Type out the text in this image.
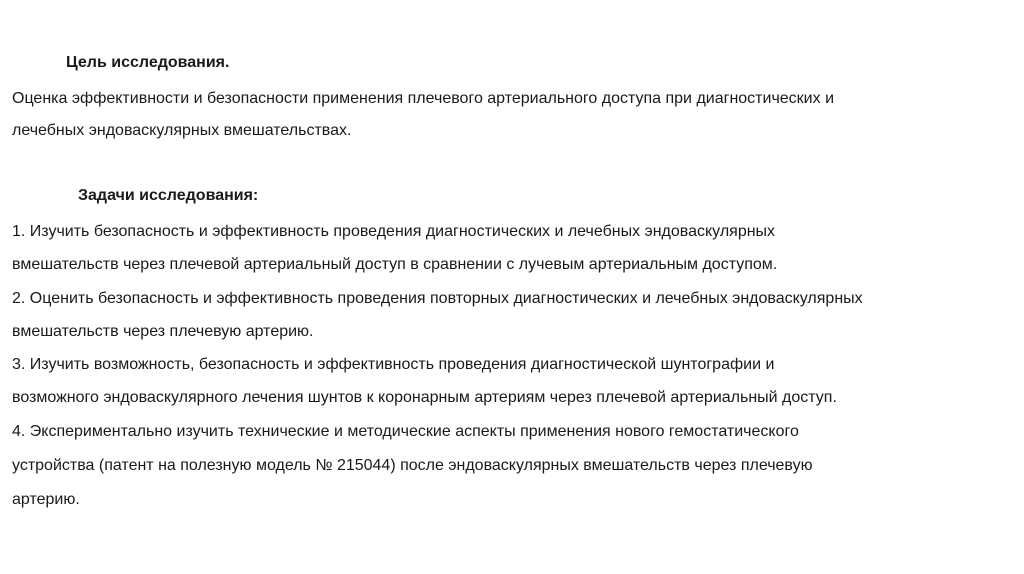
Цель исследования.
Оценка эффективности и безопасности применения плечевого артериального доступа при диагностических и
лечебных эндоваскулярных вмешательствах.
Задачи исследования:
1. Изучить безопасность и эффективность проведения диагностических и лечебных эндоваскулярных
вмешательств через плечевой артериальный доступ в сравнении с лучевым артериальным доступом.
2. Оценить безопасность и эффективность проведения повторных диагностических и лечебных эндоваскулярных
вмешательств через плечевую артерию.
3. Изучить возможность, безопасность и эффективность проведения диагностической шунтографии и
возможного эндоваскулярного лечения шунтов к коронарным артериям через плечевой артериальный доступ.
4. Экспериментально изучить технические и методические аспекты применения нового гемостатического
устройства (патент на полезную модель № 215044) после эндоваскулярных вмешательств через плечевую
артерию.
